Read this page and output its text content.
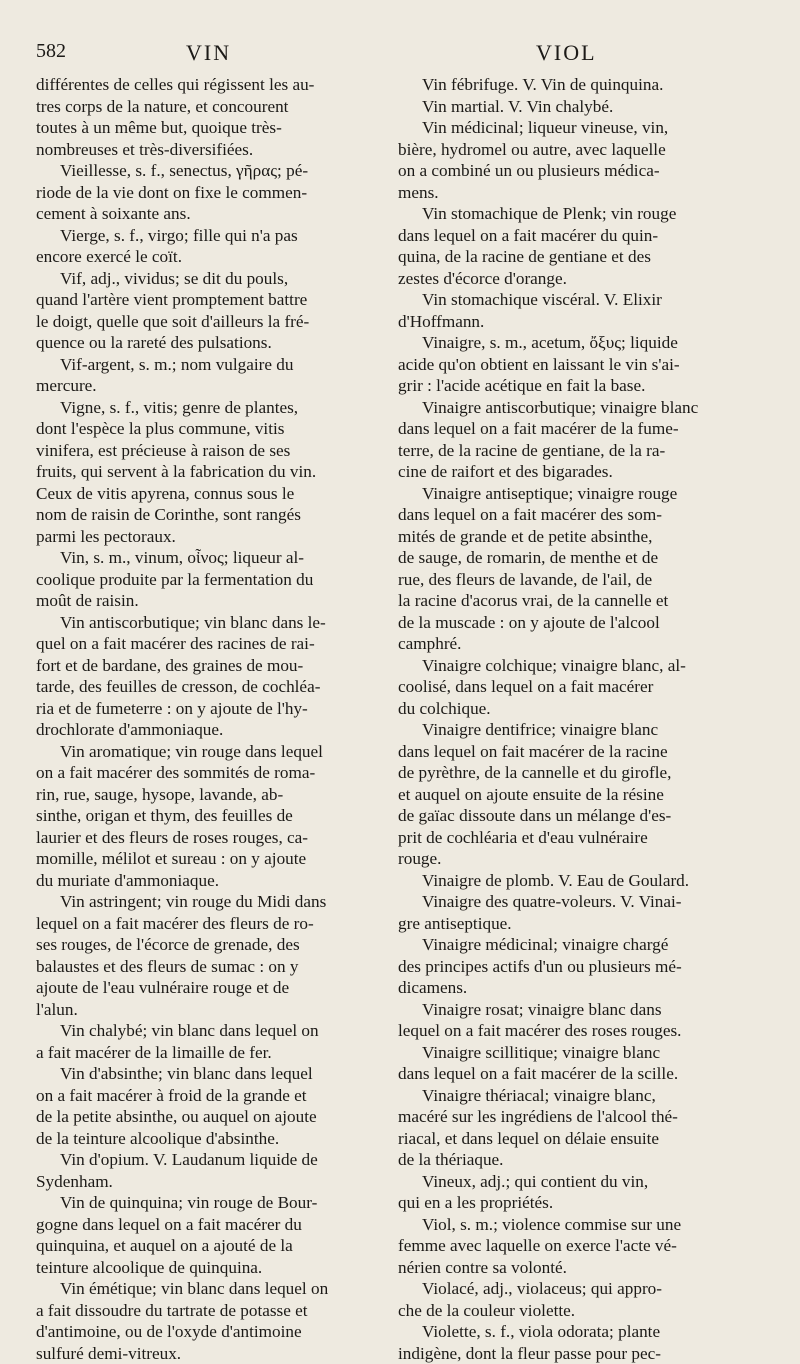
582	VIN	VIOL
différentes de celles qui régissent les au-
tres corps de la nature, et concourent
toutes à un même but, quoique très-
nombreuses et très-diversifiées.
Vieillesse, s. f., senectus, γῆρας; pé-
riode de la vie dont on fixe le commen-
cement à soixante ans.
Vierge, s. f., virgo; fille qui n'a pas
encore exercé le coït.
Vif, adj., vividus; se dit du pouls,
quand l'artère vient promptement battre
le doigt, quelle que soit d'ailleurs la fré-
quence ou la rareté des pulsations.
Vif-argent, s. m.; nom vulgaire du
mercure.
Vigne, s. f., vitis; genre de plantes,
dont l'espèce la plus commune, vitis
vinifera, est précieuse à raison de ses
fruits, qui servent à la fabrication du vin.
Ceux de vitis apyrena, connus sous le
nom de raisin de Corinthe, sont rangés
parmi les pectoraux.
Vin, s. m., vinum, οἶνος; liqueur al-
coolique produite par la fermentation du
moût de raisin.
Vin antiscorbutique; vin blanc dans le-
quel on a fait macérer des racines de rai-
fort et de bardane, des graines de mou-
tarde, des feuilles de cresson, de cochléa-
ria et de fumeterre : on y ajoute de l'hy-
drochlorate d'ammoniaque.
Vin aromatique; vin rouge dans lequel
on a fait macérer des sommités de roma-
rin, rue, sauge, hysope, lavande, ab-
sinthe, origan et thym, des feuilles de
laurier et des fleurs de roses rouges, ca-
momille, mélilot et sureau : on y ajoute
du muriate d'ammoniaque.
Vin astringent; vin rouge du Midi dans
lequel on a fait macérer des fleurs de ro-
ses rouges, de l'écorce de grenade, des
balaustes et des fleurs de sumac : on y
ajoute de l'eau vulnéraire rouge et de
l'alun.
Vin chalybé; vin blanc dans lequel on
a fait macérer de la limaille de fer.
Vin d'absinthe; vin blanc dans lequel
on a fait macérer à froid de la grande et
de la petite absinthe, ou auquel on ajoute
de la teinture alcoolique d'absinthe.
Vin d'opium. V. Laudanum liquide de
Sydenham.
Vin de quinquina; vin rouge de Bour-
gogne dans lequel on a fait macérer du
quinquina, et auquel on a ajouté de la
teinture alcoolique de quinquina.
Vin émétique; vin blanc dans lequel on
a fait dissoudre du tartrate de potasse et
d'antimoine, ou de l'oxyde d'antimoine
sulfuré demi-vitreux.
Vin fébrifuge. V. Vin de quinquina.
Vin martial. V. Vin chalybé.
Vin médicinal; liqueur vineuse, vin,
bière, hydromel ou autre, avec laquelle
on a combiné un ou plusieurs médica-
mens.
Vin stomachique de Plenk; vin rouge
dans lequel on a fait macérer du quin-
quina, de la racine de gentiane et des
zestes d'écorce d'orange.
Vin stomachique viscéral. V. Elixir
d'Hoffmann.
Vinaigre, s. m., acetum, ὄξυς; liquide
acide qu'on obtient en laissant le vin s'ai-
grir : l'acide acétique en fait la base.
Vinaigre antiscorbutique; vinaigre blanc
dans lequel on a fait macérer de la fume-
terre, de la racine de gentiane, de la ra-
cine de raifort et des bigarades.
Vinaigre antiseptique; vinaigre rouge
dans lequel on a fait macérer des som-
mités de grande et de petite absinthe,
de sauge, de romarin, de menthe et de
rue, des fleurs de lavande, de l'ail, de
la racine d'acorus vrai, de la cannelle et
de la muscade : on y ajoute de l'alcool
camphré.
Vinaigre colchique; vinaigre blanc, al-
coolisé, dans lequel on a fait macérer
du colchique.
Vinaigre dentifrice; vinaigre blanc
dans lequel on fait macérer de la racine
de pyrèthre, de la cannelle et du girofle,
et auquel on ajoute ensuite de la résine
de gaïac dissoute dans un mélange d'es-
prit de cochléaria et d'eau vulnéraire
rouge.
Vinaigre de plomb. V. Eau de Goulard.
Vinaigre des quatre-voleurs. V. Vinai-
gre antiseptique.
Vinaigre médicinal; vinaigre chargé
des principes actifs d'un ou plusieurs mé-
dicamens.
Vinaigre rosat; vinaigre blanc dans
lequel on a fait macérer des roses rouges.
Vinaigre scillitique; vinaigre blanc
dans lequel on a fait macérer de la scille.
Vinaigre thériacal; vinaigre blanc,
macéré sur les ingrédiens de l'alcool thé-
riacal, et dans lequel on délaie ensuite
de la thériaque.
Vineux, adj.; qui contient du vin,
qui en a les propriétés.
Viol, s. m.; violence commise sur une
femme avec laquelle on exerce l'acte vé-
nérien contre sa volonté.
Violacé, adj., violaceus; qui appro-
che de la couleur violette.
Violette, s. f., viola odorata; plante
indigène, dont la fleur passe pour pec-
